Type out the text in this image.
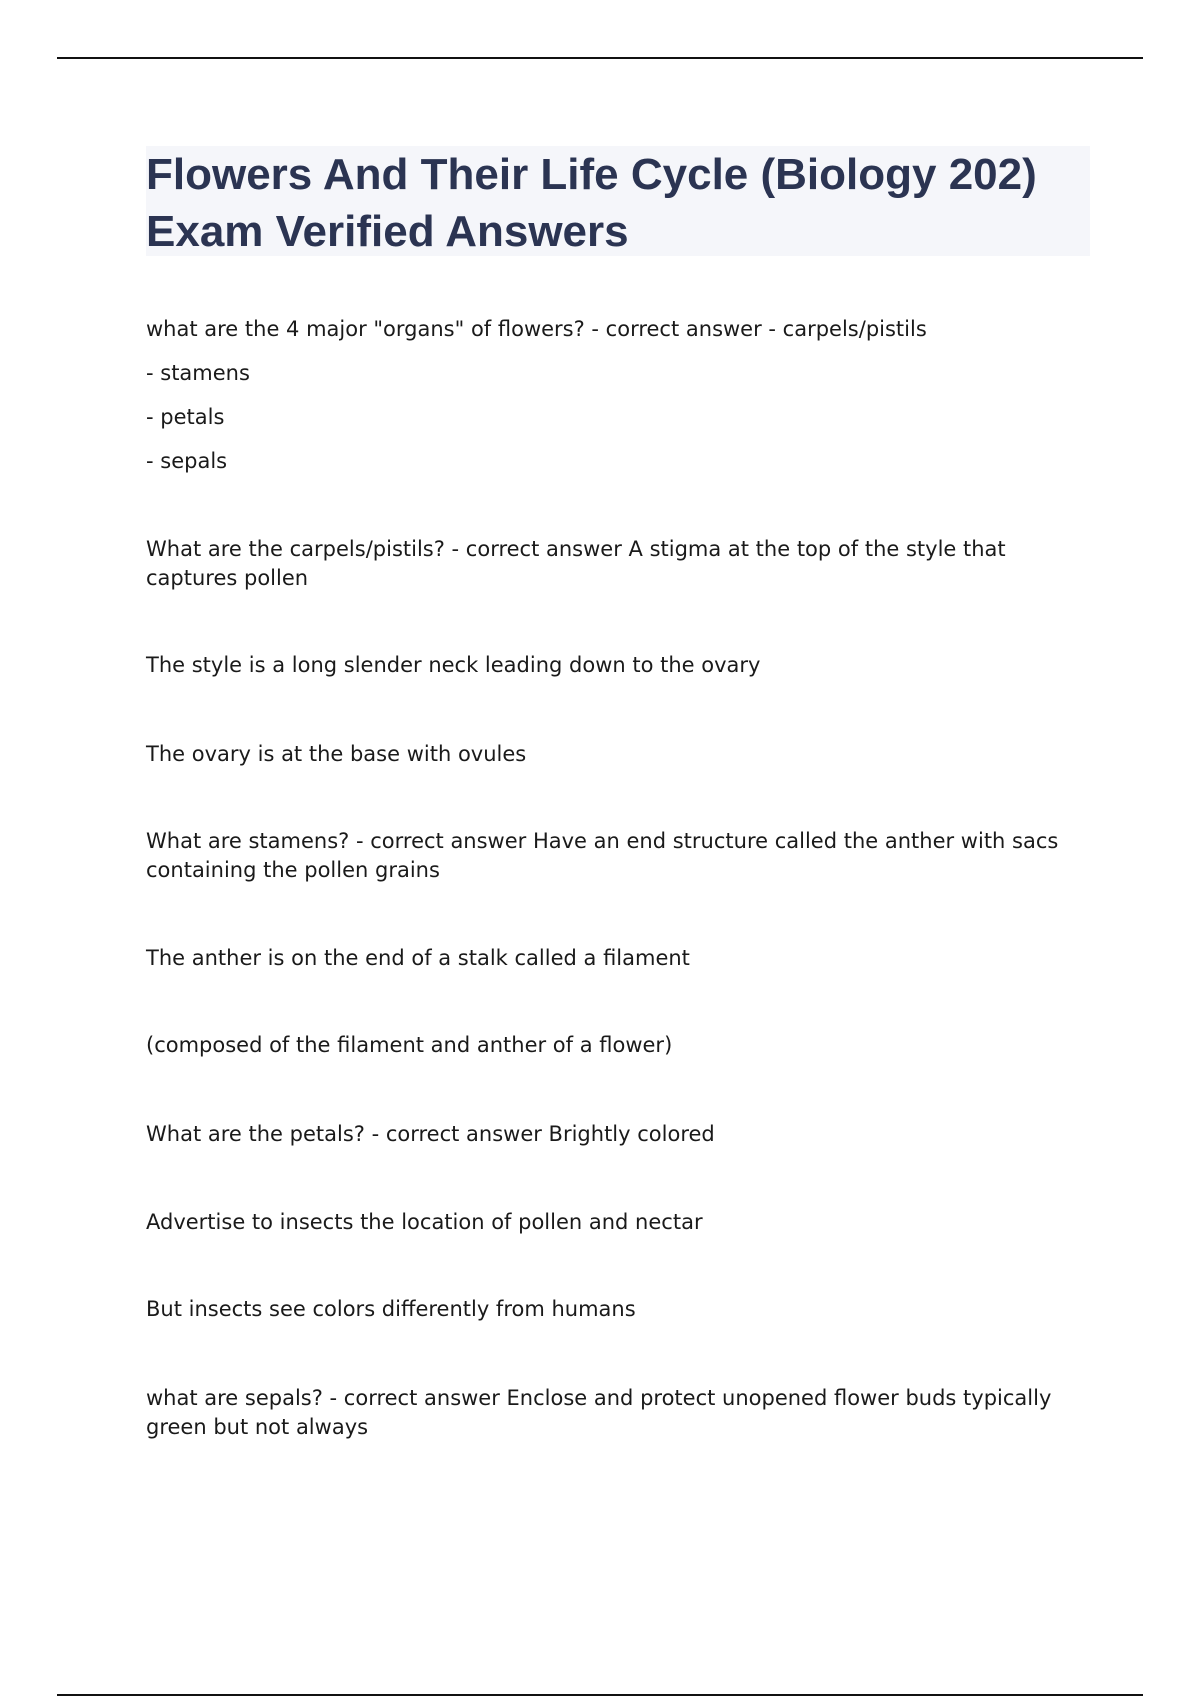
Flowers And Their Life Cycle (Biology 202) Exam Verified Answers

what are the 4 major "organs" of flowers? - correct answer - carpels/pistils

- stamens

- petals

- sepals

What are the carpels/pistils? - correct answer A stigma at the top of the style that captures pollen

The style is a long slender neck leading down to the ovary

The ovary is at the base with ovules

What are stamens? - correct answer Have an end structure called the anther with sacs containing the pollen grains

The anther is on the end of a stalk called a filament

(composed of the filament and anther of a flower)

What are the petals? - correct answer Brightly colored

Advertise to insects the location of pollen and nectar

But insects see colors differently from humans

what are sepals? - correct answer Enclose and protect unopened flower buds typically green but not always
